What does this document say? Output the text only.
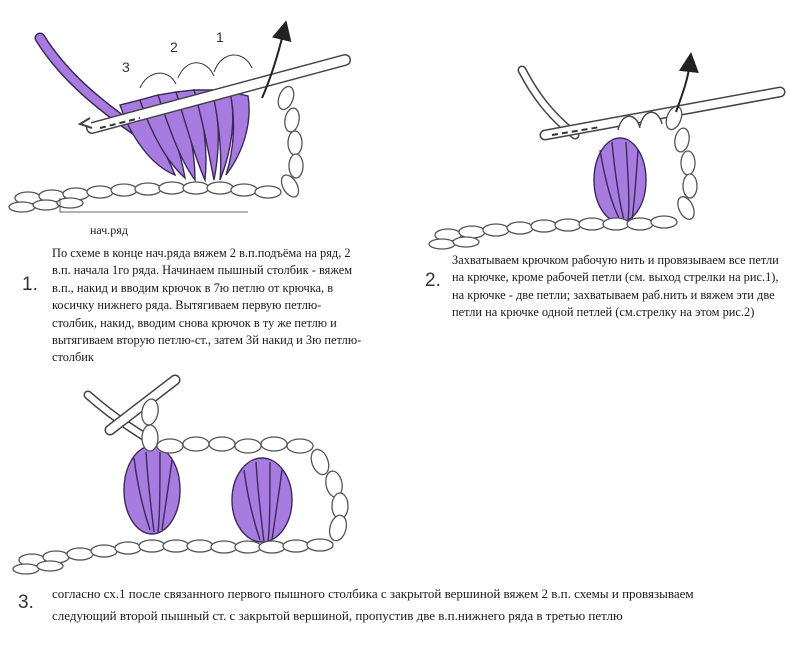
3
2
1
нач.ряд
1.
По схеме в конце нач.ряда вяжем 2 в.п.подъёма на ряд, 2 в.п. начала 1го ряда. Начинаем пышный столбик - вяжем в.п., накид и вводим крючок в 7ю петлю от крючка, в косичку нижнего ряда. Вытягиваем первую петлю-столбик, накид, вводим снова крючок в ту же петлю и вытягиваем вторую петлю-ст., затем 3й накид и 3ю петлю-столбик
2.
Захватываем крючком рабочую нить и провязываем все петли на крючке, кроме рабочей петли (см. выход стрелки на рис.1), на крючке - две петли; захватываем раб.нить и вяжем эти две петли на крючке одной петлей (см.стрелку на этом рис.2)
3. согласно сх.1 после связанного первого пышного столбика с закрытой вершиной вяжем 2 в.п. схемы и провязываем следующий второй пышный ст. с закрытой вершиной, пропустив две в.п.нижнего ряда в третью петлю
